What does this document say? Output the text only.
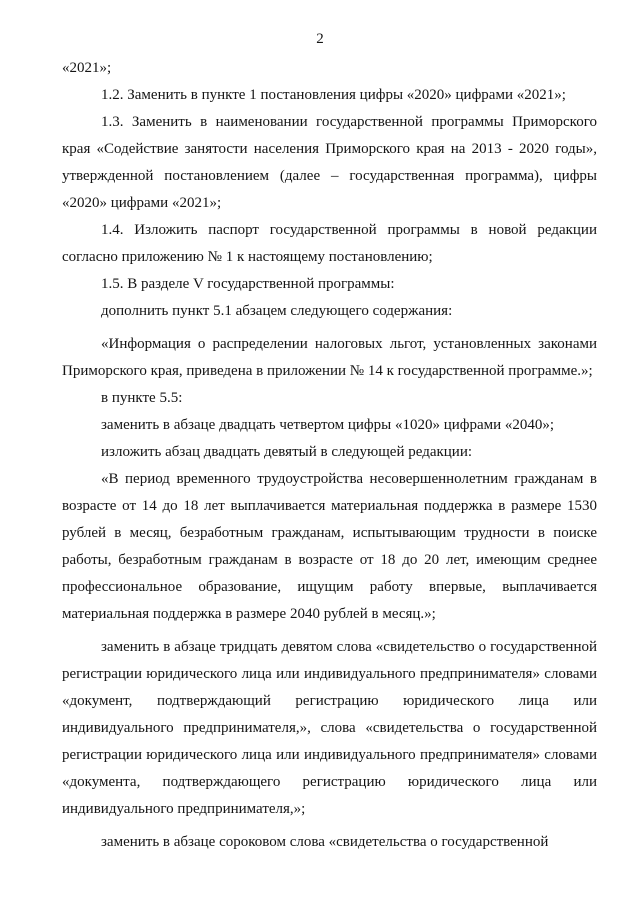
2

«2021»;

1.2. Заменить в пункте 1 постановления цифры «2020» цифрами «2021»;

1.3. Заменить в наименовании государственной программы Приморского края «Содействие занятости населения Приморского края на 2013 - 2020 годы», утвержденной постановлением (далее – государственная программа), цифры «2020» цифрами «2021»;

1.4. Изложить паспорт государственной программы в новой редакции согласно приложению № 1 к настоящему постановлению;

1.5. В разделе V государственной программы:

дополнить пункт 5.1 абзацем следующего содержания:

«Информация о распределении налоговых льгот, установленных законами Приморского края, приведена в приложении № 14 к государственной программе.»;

в пункте 5.5:

заменить в абзаце двадцать четвертом цифры «1020» цифрами «2040»;

изложить абзац двадцать девятый в следующей редакции:

«В период временного трудоустройства несовершеннолетним гражданам в возрасте от 14 до 18 лет выплачивается материальная поддержка в размере 1530 рублей в месяц, безработным гражданам, испытывающим трудности в поиске работы, безработным гражданам в возрасте от 18 до 20 лет, имеющим среднее профессиональное образование, ищущим работу впервые, выплачивается материальная поддержка в размере 2040 рублей в месяц.»;

заменить в абзаце тридцать девятом слова «свидетельство о государственной регистрации юридического лица или индивидуального предпринимателя» словами «документ, подтверждающий регистрацию юридического лица или индивидуального предпринимателя,», слова «свидетельства о государственной регистрации юридического лица или индивидуального предпринимателя» словами «документа, подтверждающего регистрацию юридического лица или индивидуального предпринимателя,»;

заменить в абзаце сороковом слова «свидетельства о государственной
